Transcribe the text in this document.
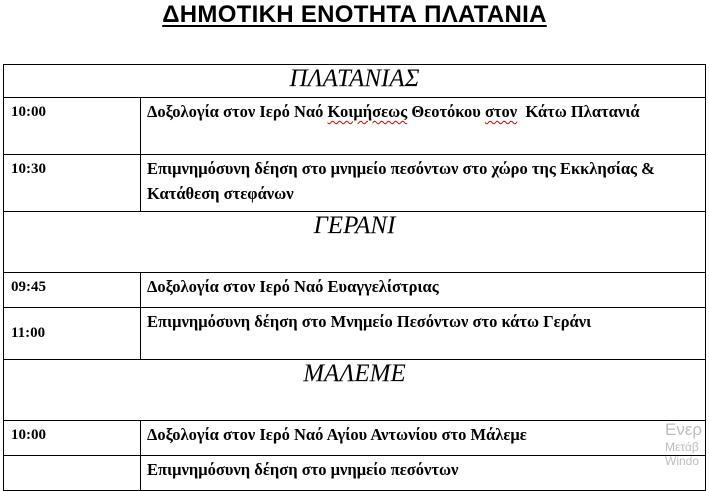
ΔΗΜΟΤΙΚΗ ΕΝΟΤΗΤΑ ΠΛΑΤΑΝΙΑ
ΠΛΑΤΑΝΙΑΣ	
10:00	Δοξολογία στον Ιερό Ναό Κοιμήσεως Θεοτόκου στον  Κάτω Πλατανιά
10:30	Επιμνημόσυνη δέηση στο μνημείο πεσόντων στο χώρο της Εκκλησίας & Κατάθεση στεφάνων
ΓΕΡΑΝΙ	
09:45	Δοξολογία στον Ιερό Ναό Ευαγγελίστριας
11:00	Επιμνημόσυνη δέηση στο Μνημείο Πεσόντων στο κάτω Γεράνι
ΜΑΛΕΜΕ	
10:00	Δοξολογία στον Ιερό Ναό Αγίου Αντωνίου στο Μάλεμε
	Επιμνημόσυνη δέηση στο μνημείο πεσόντων
Ενερ
Μετάβ
Windo
